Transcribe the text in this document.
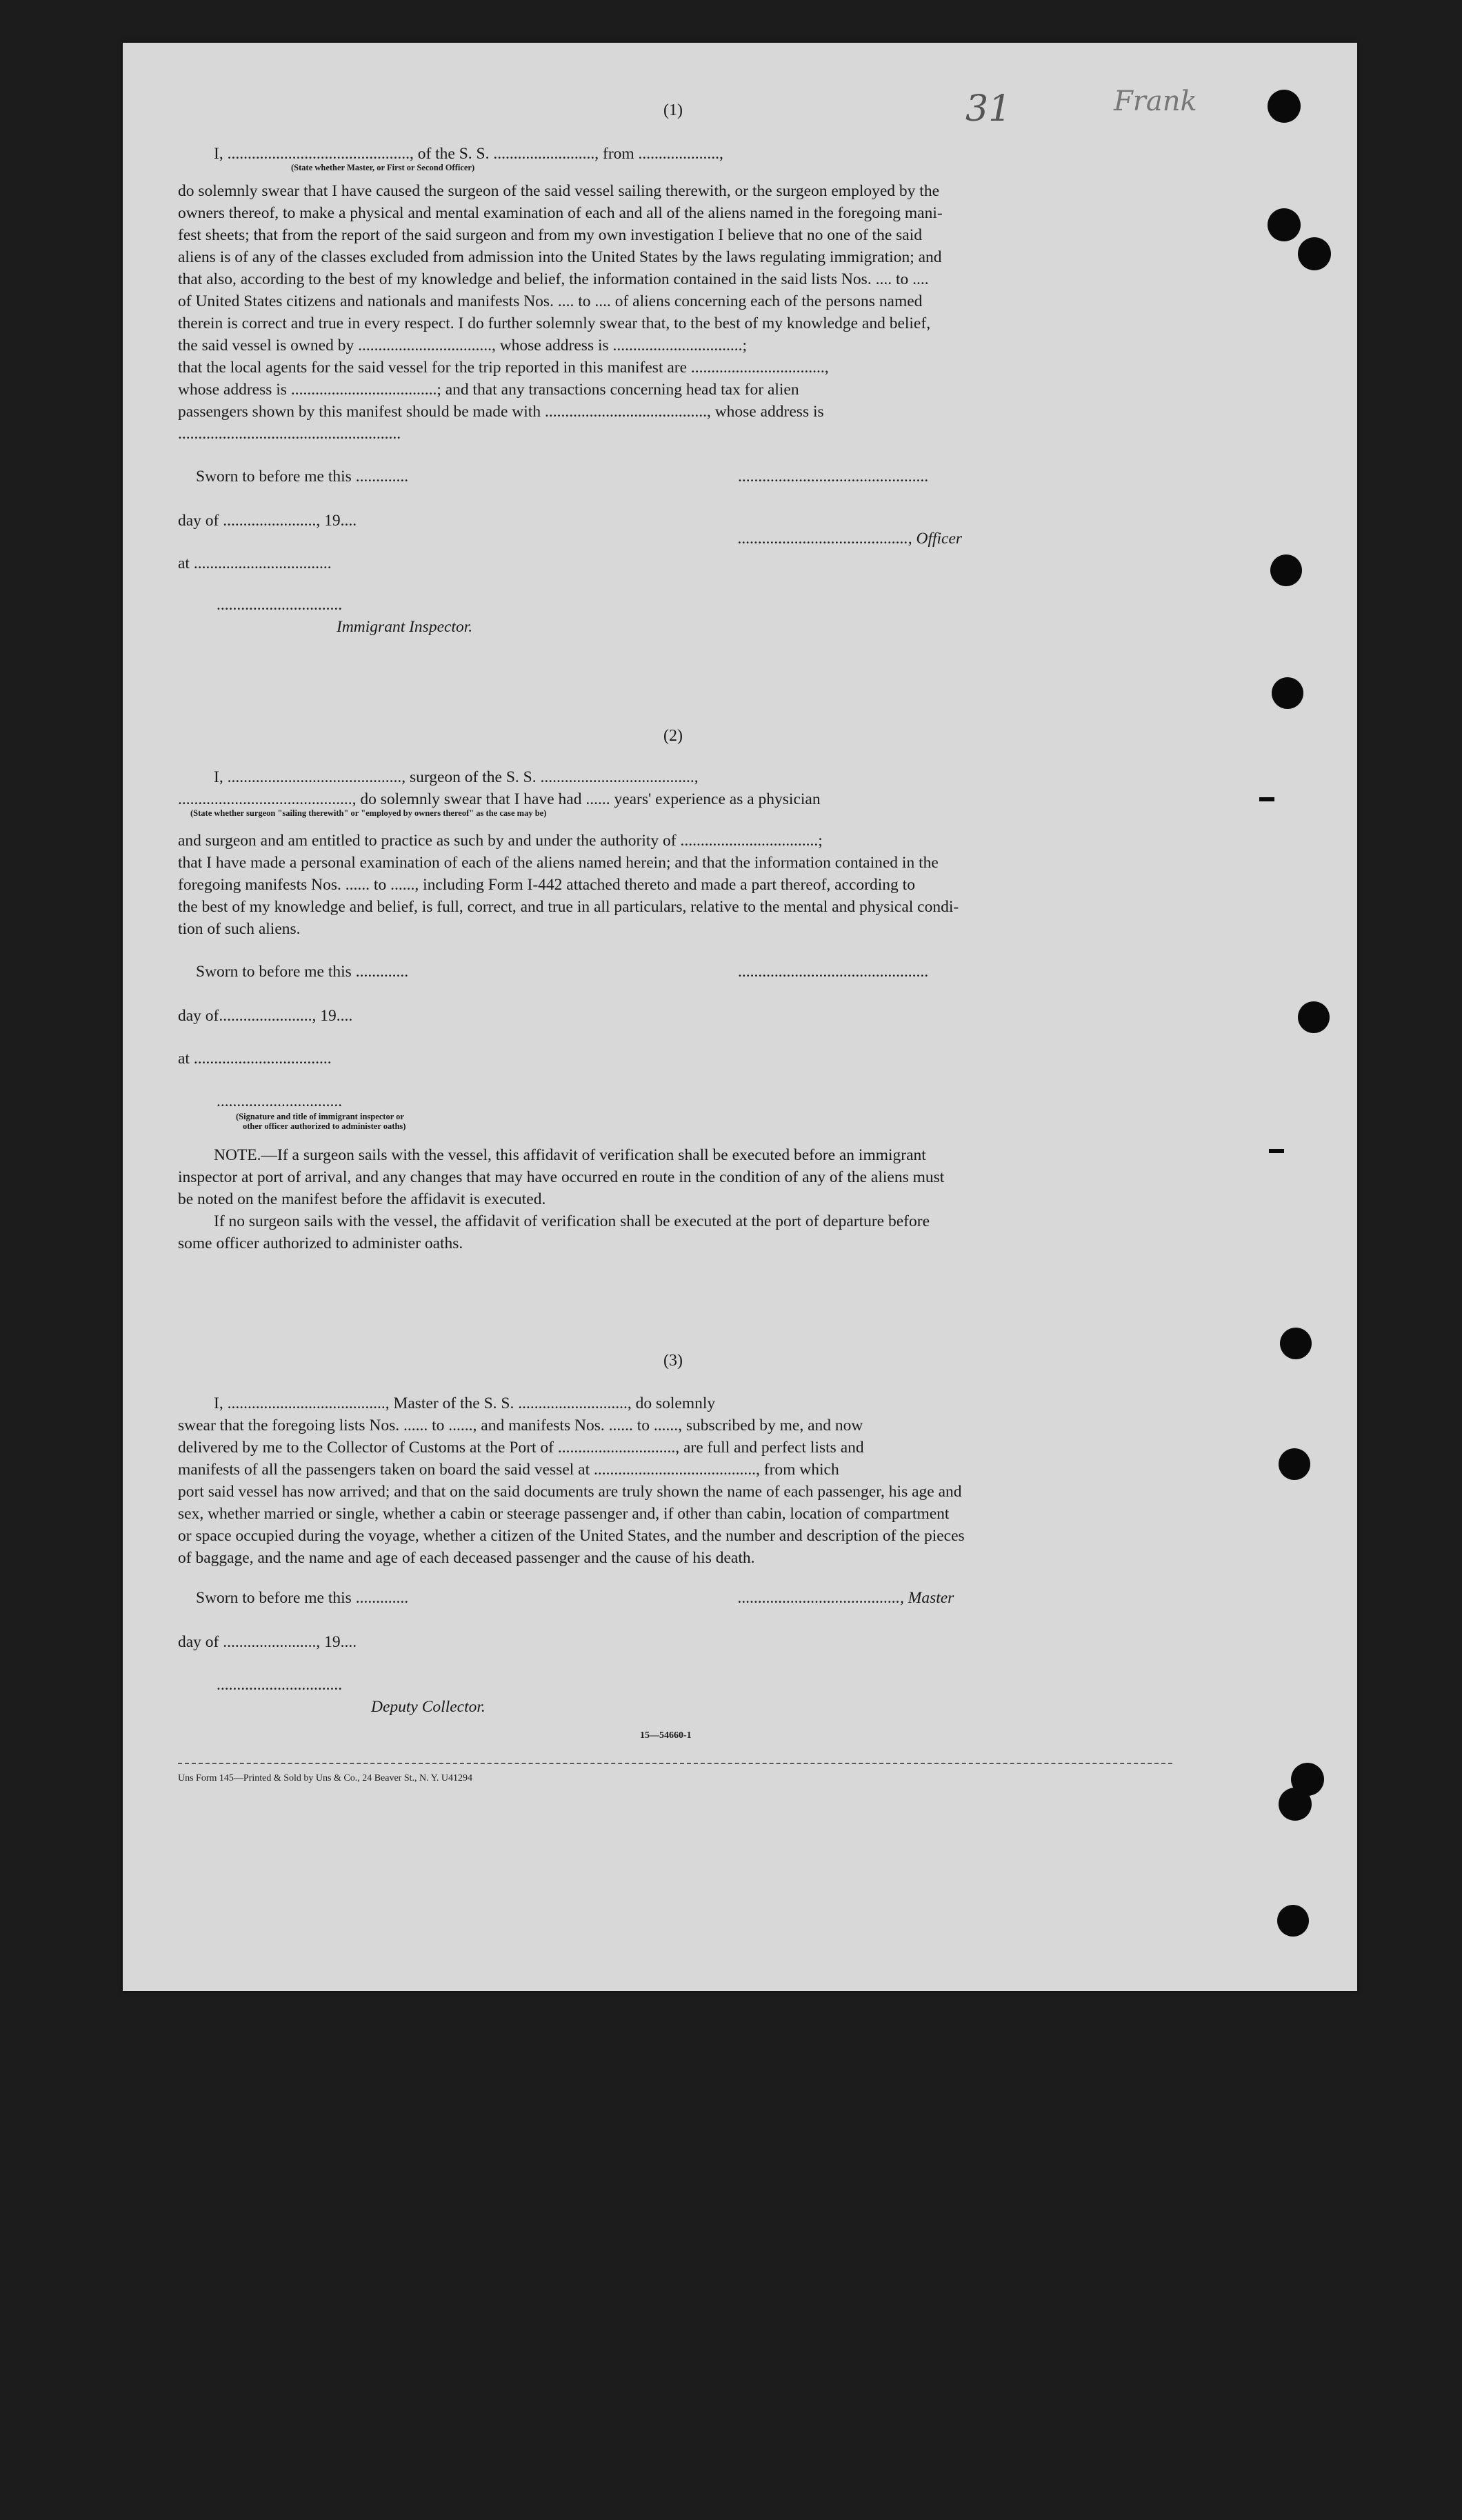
31	Frank
(1)
I, ............................................., of the S. S. ........................., from ....................,
(State whether Master, or First or Second Officer)
do solemnly swear that I have caused the surgeon of the said vessel sailing therewith, or the surgeon employed by the
owners thereof, to make a physical and mental examination of each and all of the aliens named in the foregoing mani-
fest sheets; that from the report of the said surgeon and from my own investigation I believe that no one of the said
aliens is of any of the classes excluded from admission into the United States by the laws regulating immigration; and
that also, according to the best of my knowledge and belief, the information contained in the said lists Nos. .... to ....
of United States citizens and nationals and manifests Nos. .... to .... of aliens concerning each of the persons named
therein is correct and true in every respect. I do further solemnly swear that, to the best of my knowledge and belief,
the said vessel is owned by ................................., whose address is ................................;
that the local agents for the said vessel for the trip reported in this manifest are .................................,
whose address is ....................................; and that any transactions concerning head tax for alien
passengers shown by this manifest should be made with ........................................, whose address is
.......................................................
Sworn to before me this .............	...............................................
day of ......................., 19....
.........................................., Officer
at ..................................
...............................
Immigrant Inspector.
(2)
I, ..........................................., surgeon of the S. S. ......................................,
..........................................., do solemnly swear that I have had ...... years' experience as a physician
(State whether surgeon "sailing therewith" or "employed by owners thereof" as the case may be)
and surgeon and am entitled to practice as such by and under the authority of ..................................;
that I have made a personal examination of each of the aliens named herein; and that the information contained in the
foregoing manifests Nos. ...... to ......, including Form I-442 attached thereto and made a part thereof, according to
the best of my knowledge and belief, is full, correct, and true in all particulars, relative to the mental and physical condi-
tion of such aliens.
Sworn to before me this .............	...............................................
day of......................., 19....
at ..................................
...............................
(Signature and title of immigrant inspector or
other officer authorized to administer oaths)
NOTE.—If a surgeon sails with the vessel, this affidavit of verification shall be executed before an immigrant
inspector at port of arrival, and any changes that may have occurred en route in the condition of any of the aliens must
be noted on the manifest before the affidavit is executed.
If no surgeon sails with the vessel, the affidavit of verification shall be executed at the port of departure before
some officer authorized to administer oaths.
(3)
I, ......................................., Master of the S. S. ..........................., do solemnly
swear that the foregoing lists Nos. ...... to ......, and manifests Nos. ...... to ......, subscribed by me, and now
delivered by me to the Collector of Customs at the Port of ............................., are full and perfect lists and
manifests of all the passengers taken on board the said vessel at ........................................, from which
port said vessel has now arrived; and that on the said documents are truly shown the name of each passenger, his age and
sex, whether married or single, whether a cabin or steerage passenger and, if other than cabin, location of compartment
or space occupied during the voyage, whether a citizen of the United States, and the number and description of the pieces
of baggage, and the name and age of each deceased passenger and the cause of his death.
Sworn to before me this .............	........................................, Master
day of ......................., 19....
...............................
Deputy Collector.
15—54660-1
Uns Form 145—Printed & Sold by Uns & Co., 24 Beaver St., N. Y. U41294
